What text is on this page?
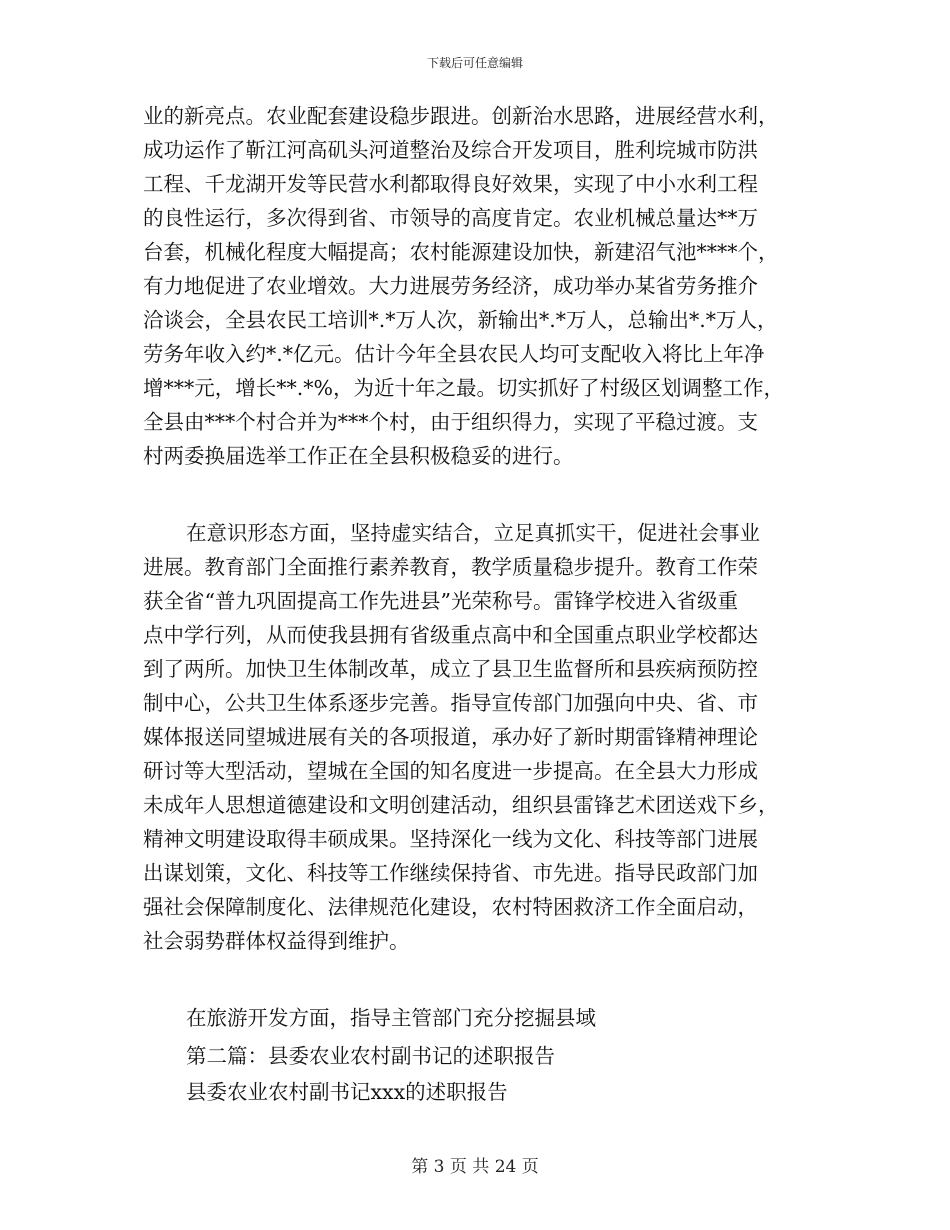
下载后可任意编辑
业的新亮点。农业配套建设稳步跟进。创新治水思路，进展经营水利，
成功运作了靳江河高矶头河道整治及综合开发项目，胜利垸城市防洪
工程、千龙湖开发等民营水利都取得良好效果，实现了中小水利工程
的良性运行，多次得到省、市领导的高度肯定。农业机械总量达**万
台套，机械化程度大幅提高；农村能源建设加快，新建沼气池****个，
有力地促进了农业增效。大力进展劳务经济，成功举办某省劳务推介
洽谈会，全县农民工培训*.*万人次，新输出*.*万人，总输出*.*万人，
劳务年收入约*.*亿元。估计今年全县农民人均可支配收入将比上年净
增***元，增长**.*%，为近十年之最。切实抓好了村级区划调整工作，
全县由***个村合并为***个村，由于组织得力，实现了平稳过渡。支
村两委换届选举工作正在全县积极稳妥的进行。
在意识形态方面，坚持虚实结合，立足真抓实干，促进社会事业
进展。教育部门全面推行素养教育，教学质量稳步提升。教育工作荣
获全省“普九巩固提高工作先进县”光荣称号。雷锋学校进入省级重
点中学行列，从而使我县拥有省级重点高中和全国重点职业学校都达
到了两所。加快卫生体制改革，成立了县卫生监督所和县疾病预防控
制中心，公共卫生体系逐步完善。指导宣传部门加强向中央、省、市
媒体报送同望城进展有关的各项报道，承办好了新时期雷锋精神理论
研讨等大型活动，望城在全国的知名度进一步提高。在全县大力形成
未成年人思想道德建设和文明创建活动，组织县雷锋艺术团送戏下乡，
精神文明建设取得丰硕成果。坚持深化一线为文化、科技等部门进展
出谋划策，文化、科技等工作继续保持省、市先进。指导民政部门加
强社会保障制度化、法律规范化建设，农村特困救济工作全面启动，
社会弱势群体权益得到维护。
在旅游开发方面，指导主管部门充分挖掘县域
第二篇：县委农业农村副书记的述职报告
县委农业农村副书记xxx的述职报告
第 3 页 共 24 页
